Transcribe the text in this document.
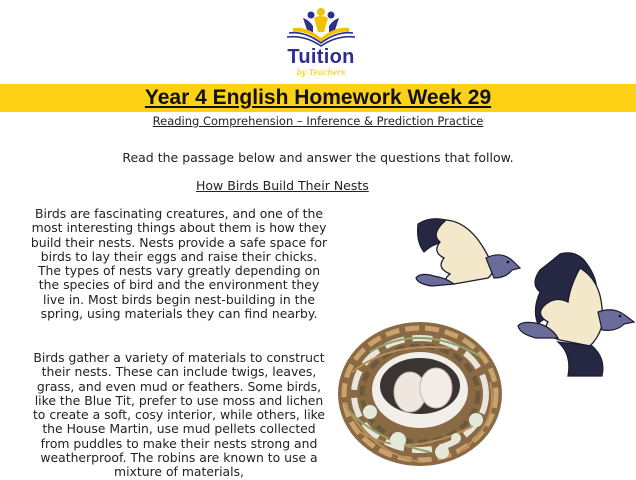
Tuition
by Teachers
Year 4 English Homework Week 29
Reading Comprehension – Inference & Prediction Practice
Read the passage below and answer the questions that follow.
How Birds Build Their Nests
Birds are fascinating creatures, and one of the most interesting things about them is how they build their nests. Nests provide a safe space for birds to lay their eggs and raise their chicks. The types of nests vary greatly depending on the species of bird and the environment they live in. Most birds begin nest-building in the spring, using materials they can find nearby.
Birds gather a variety of materials to construct their nests. These can include twigs, leaves, grass, and even mud or feathers. Some birds, like the Blue Tit, prefer to use moss and lichen to create a soft, cosy interior, while others, like the House Martin, use mud pellets collected from puddles to make their nests strong and weatherproof. The robins are known to use a mixture of materials,
